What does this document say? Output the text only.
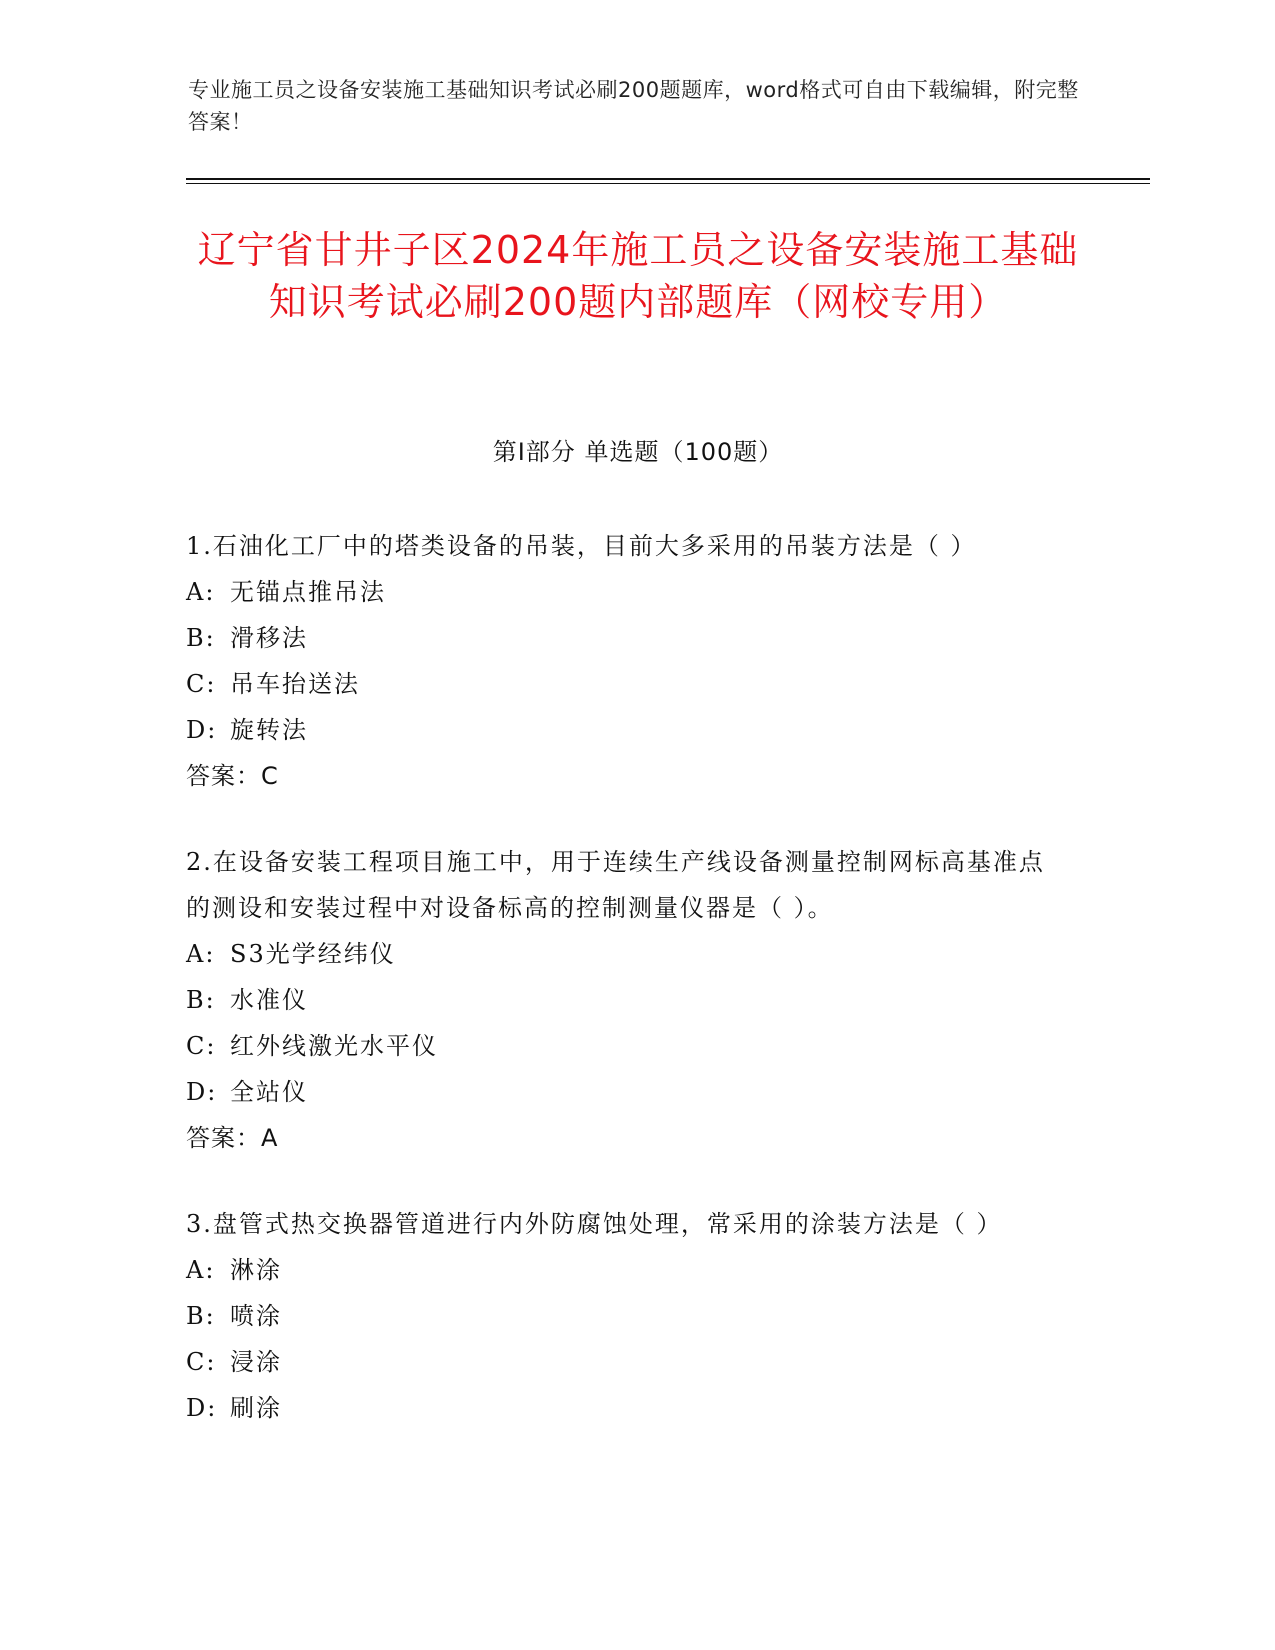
专业施工员之设备安装施工基础知识考试必刷200题题库，word格式可自由下载编辑，附完整答案！
辽宁省甘井子区2024年施工员之设备安装施工基础知识考试必刷200题内部题库（网校专用）
第I部分 单选题（100题）
1.石油化工厂中的塔类设备的吊装，目前大多采用的吊装方法是（ ）
A: 无锚点推吊法
B: 滑移法
C: 吊车抬送法
D: 旋转法
答案：C
2.在设备安装工程项目施工中，用于连续生产线设备测量控制网标高基准点的测设和安装过程中对设备标高的控制测量仪器是（ ）。
A: S3光学经纬仪
B: 水准仪
C: 红外线激光水平仪
D: 全站仪
答案：A
3.盘管式热交换器管道进行内外防腐蚀处理，常采用的涂装方法是（ ）
A: 淋涂
B: 喷涂
C: 浸涂
D: 刷涂
